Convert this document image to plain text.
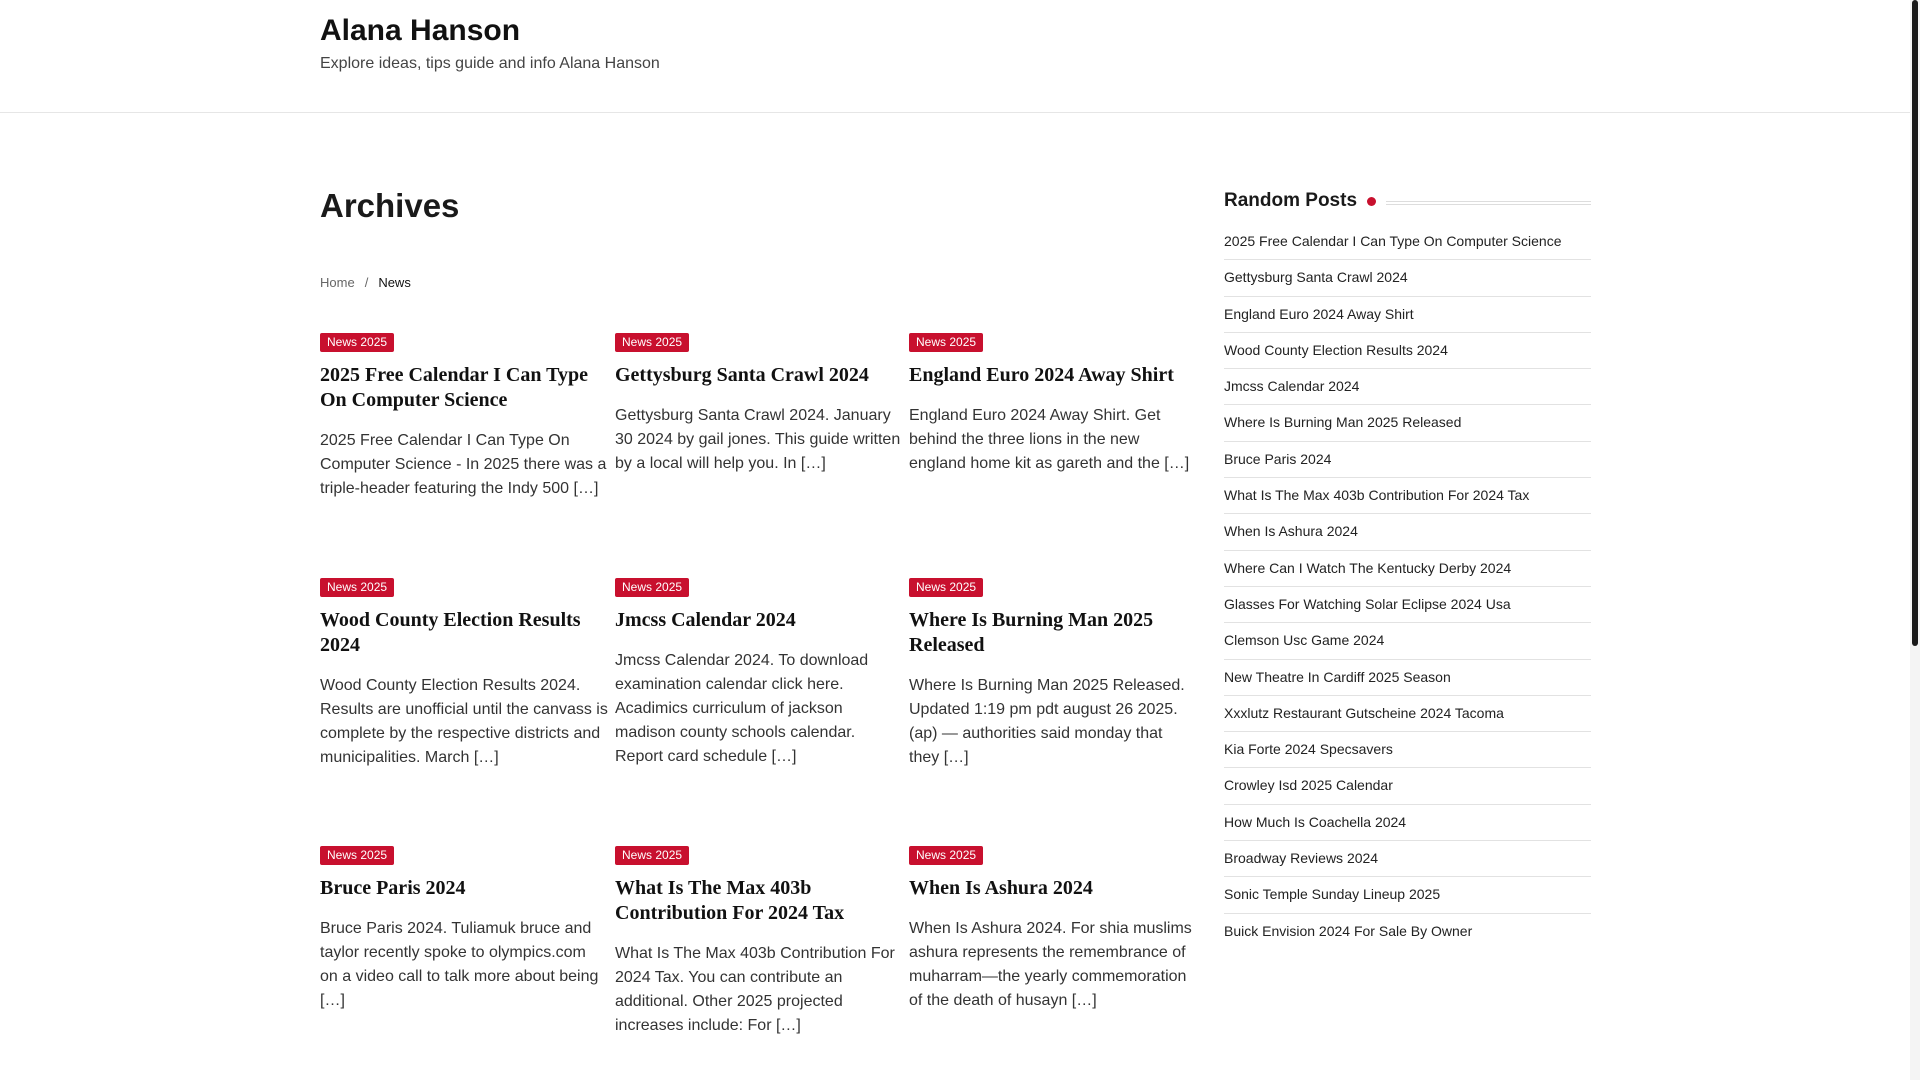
Alana Hanson
Explore ideas, tips guide and info Alana Hanson
Archives
Home / News
News 2025
2025 Free Calendar I Can Type On Computer Science

2025 Free Calendar I Can Type On Computer Science - In 2025 there was a triple-header featuring the Indy 500 […]

News 2025
Gettysburg Santa Crawl 2024

Gettysburg Santa Crawl 2024. January 30 2024 by gail jones. This guide written by a local will help you. In […]

News 2025
England Euro 2024 Away Shirt

England Euro 2024 Away Shirt. Get behind the three lions in the new england home kit as gareth and the […]

News 2025
Wood County Election Results 2024

Wood County Election Results 2024. Results are unofficial until the canvass is complete by the respective districts and municipalities. March […]

News 2025
Jmcss Calendar 2024

Jmcss Calendar 2024. To download examination calendar click here. Acadimics curriculum of jackson madison county schools calendar. Report card schedule […]

News 2025
Where Is Burning Man 2025 Released

Where Is Burning Man 2025 Released. Updated 1:19 pm pdt august 26 2025. (ap) — authorities said monday that they […]

News 2025
Bruce Paris 2024

Bruce Paris 2024. Tuliamuk bruce and taylor recently spoke to olympics.com on a video call to talk more about being […]

News 2025
What Is The Max 403b Contribution For 2024 Tax

What Is The Max 403b Contribution For 2024 Tax. You can contribute an additional. Other 2025 projected increases include: For […]

News 2025
When Is Ashura 2024

When Is Ashura 2024. For shia muslims ashura represents the remembrance of muharram—the yearly commemoration of the death of husayn […]

Random Posts
2025 Free Calendar I Can Type On Computer Science
Gettysburg Santa Crawl 2024
England Euro 2024 Away Shirt
Wood County Election Results 2024
Jmcss Calendar 2024
Where Is Burning Man 2025 Released
Bruce Paris 2024
What Is The Max 403b Contribution For 2024 Tax
When Is Ashura 2024
Where Can I Watch The Kentucky Derby 2024
Glasses For Watching Solar Eclipse 2024 Usa
Clemson Usc Game 2024
New Theatre In Cardiff 2025 Season
Xxxlutz Restaurant Gutscheine 2024 Tacoma
Kia Forte 2024 Specsavers
Crowley Isd 2025 Calendar
How Much Is Coachella 2024
Broadway Reviews 2024
Sonic Temple Sunday Lineup 2025
Buick Envision 2024 For Sale By Owner
